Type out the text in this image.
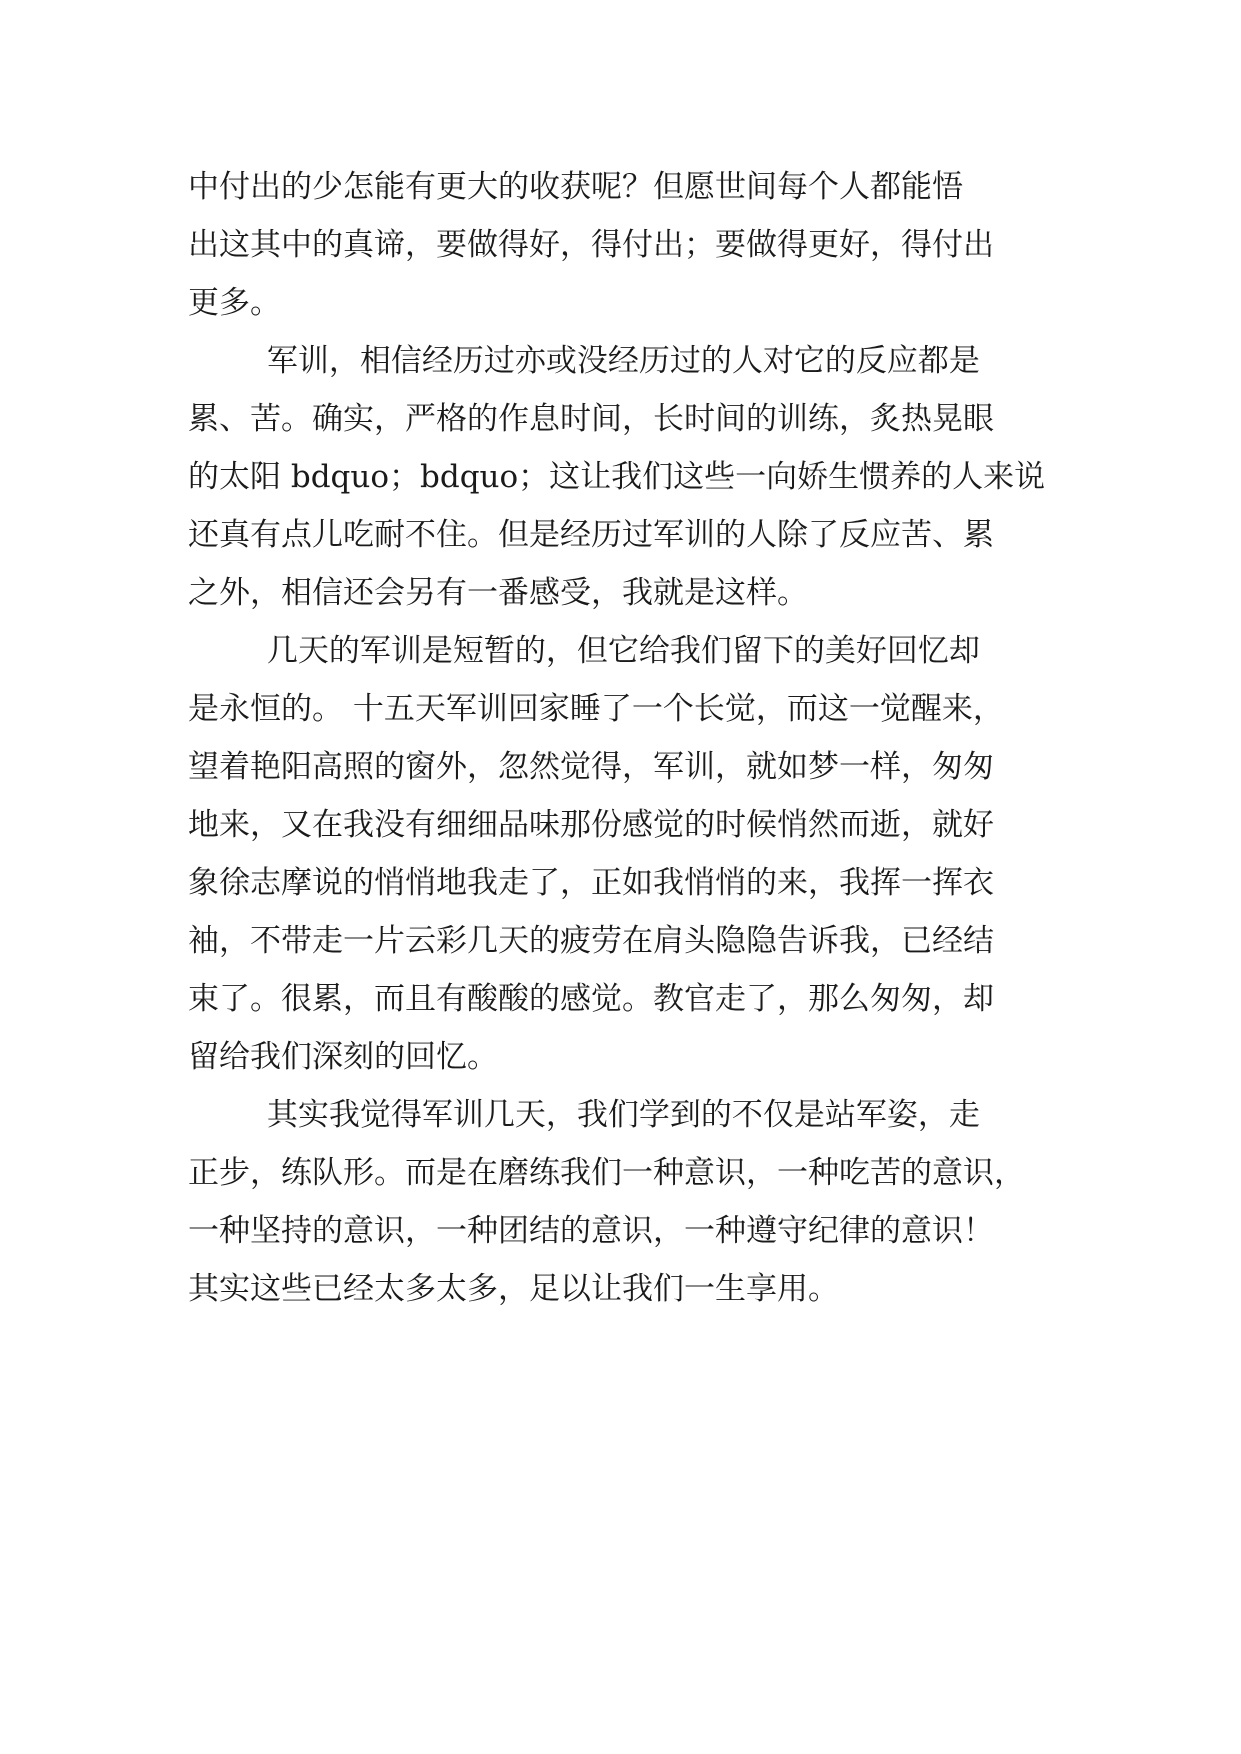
中付出的少怎能有更大的收获呢？但愿世间每个人都能悟
出这其中的真谛，要做得好，得付出；要做得更好，得付出
更多。
军训，相信经历过亦或没经历过的人对它的反应都是
累、苦。确实，严格的作息时间，长时间的训练，炙热晃眼
的太阳 bdquo；bdquo；这让我们这些一向娇生惯养的人来说
还真有点儿吃耐不住。但是经历过军训的人除了反应苦、累
之外，相信还会另有一番感受，我就是这样。
几天的军训是短暂的，但它给我们留下的美好回忆却
是永恒的。 十五天军训回家睡了一个长觉，而这一觉醒来，
望着艳阳高照的窗外，忽然觉得，军训，就如梦一样，匆匆
地来，又在我没有细细品味那份感觉的时候悄然而逝，就好
象徐志摩说的悄悄地我走了，正如我悄悄的来，我挥一挥衣
袖，不带走一片云彩几天的疲劳在肩头隐隐告诉我，已经结
束了。很累，而且有酸酸的感觉。教官走了，那么匆匆，却
留给我们深刻的回忆。
其实我觉得军训几天，我们学到的不仅是站军姿，走
正步，练队形。而是在磨练我们一种意识，一种吃苦的意识，
一种坚持的意识，一种团结的意识，一种遵守纪律的意识！
其实这些已经太多太多，足以让我们一生享用。
